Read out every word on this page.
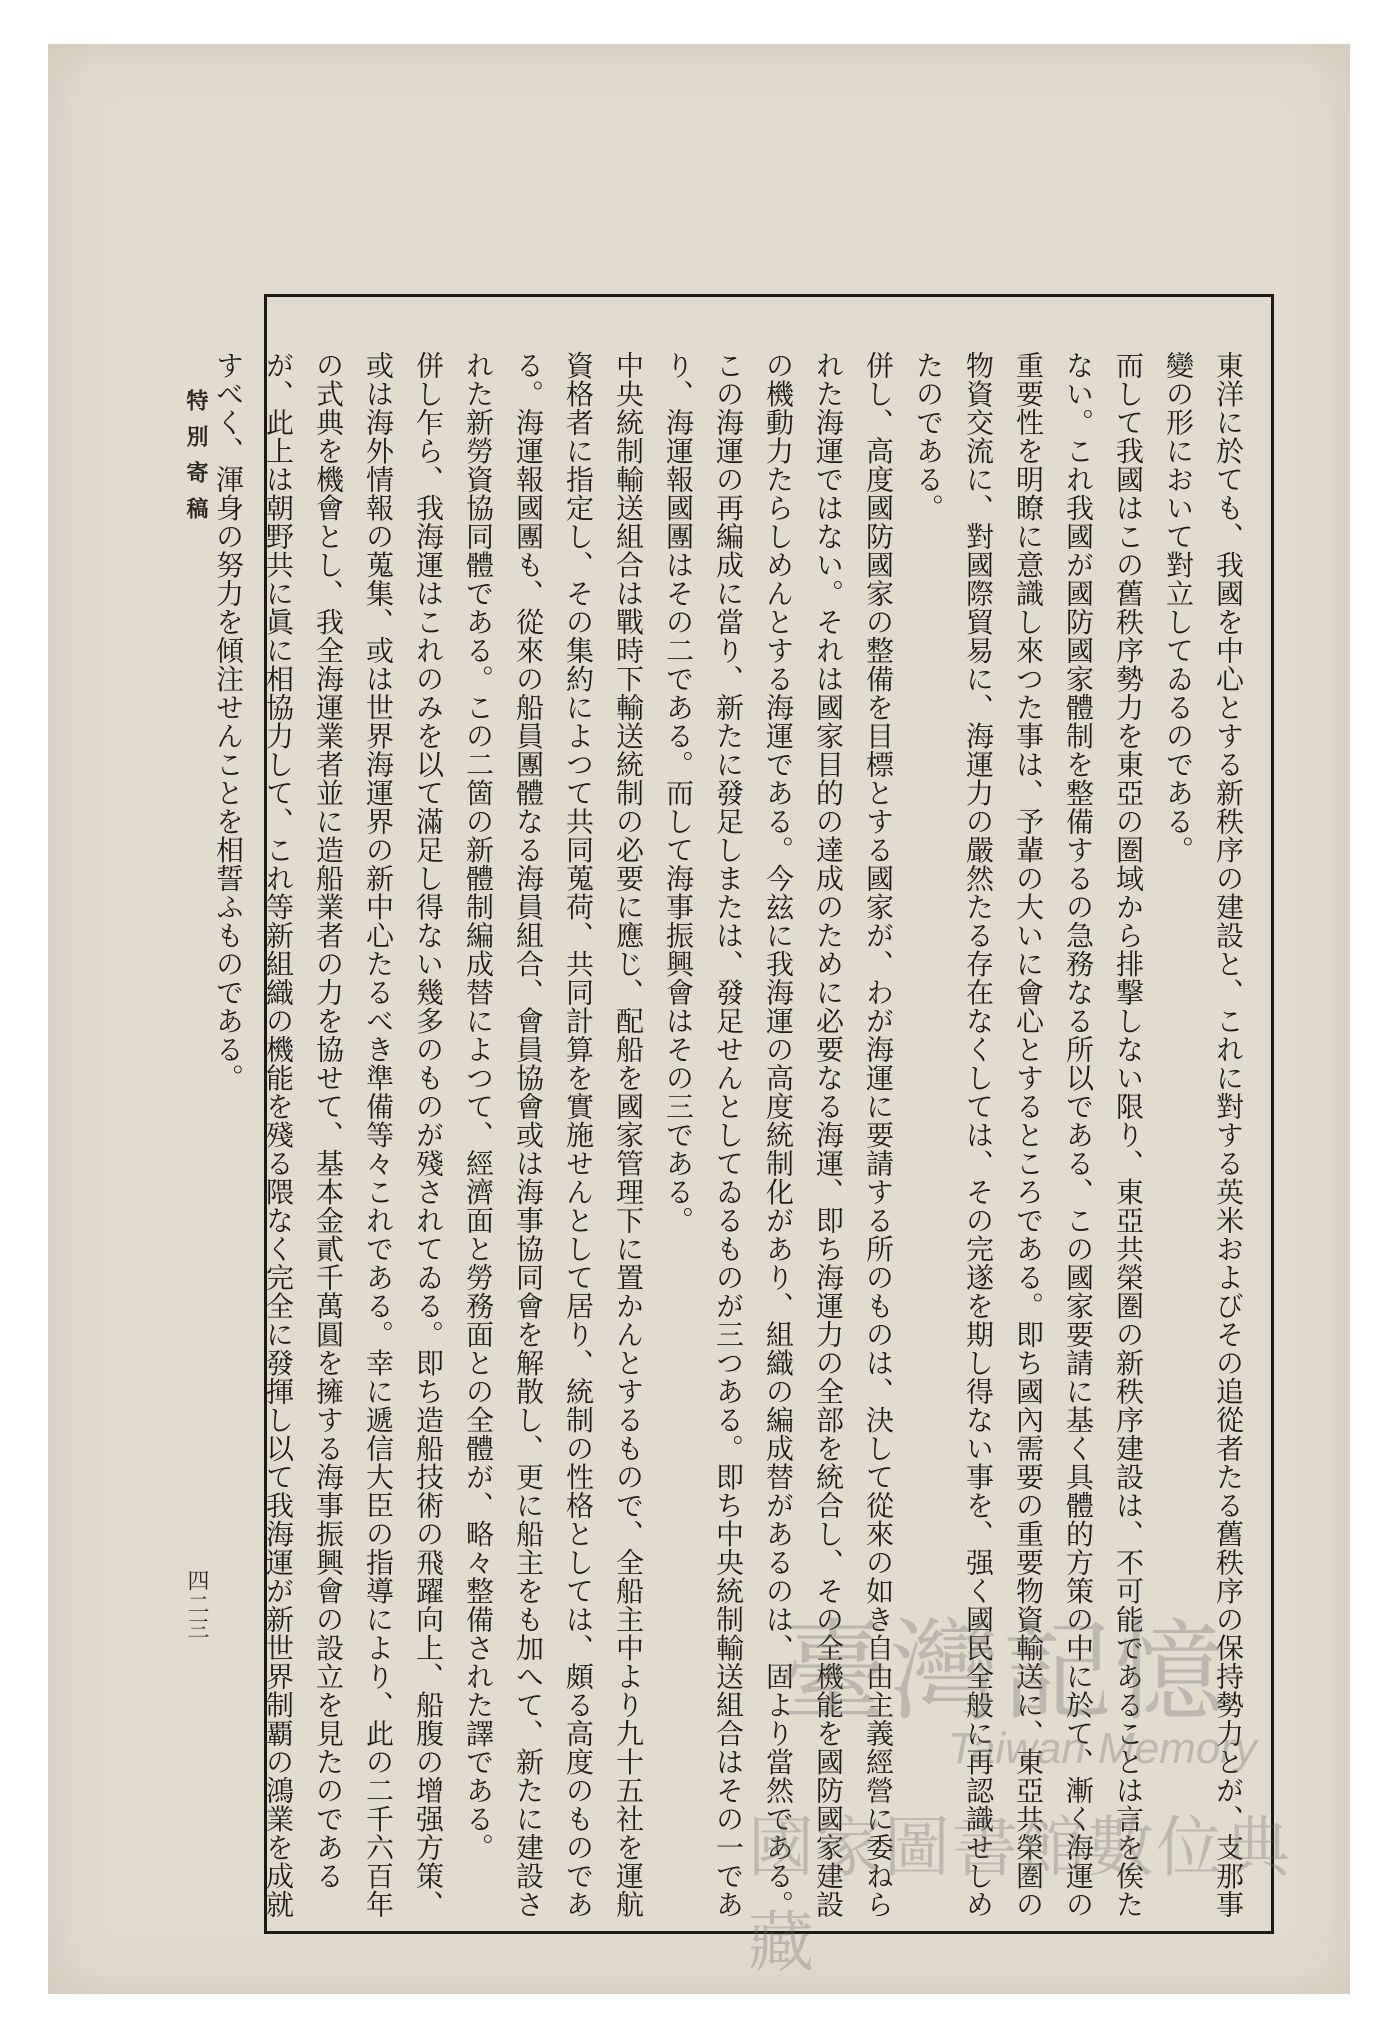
特別寄稿
四二三	東洋に於ても、我國を中心とする新秩序の建設と、これに對する英米およびその追從者たる舊秩序の保持勢力とが、支那事變の形において對立してゐるのである。

而して我國はこの舊秩序勢力を東亞の圏域から排撃しない限り、東亞共榮圏の新秩序建設は、不可能であることは言を俟たない。これ我國が國防國家體制を整備するの急務なる所以である、この國家要請に基く具體的方策の中に於て、漸く海運の重要性を明瞭に意識し來つた事は、予輩の大いに會心とするところである。即ち國內需要の重要物資輸送に、東亞共榮圏の物資交流に、對國際貿易に、海運力の嚴然たる存在なくしては、その完遂を期し得ない事を、强く國民全般に再認識せしめたのである。

併し、高度國防國家の整備を目標とする國家が、わが海運に要請する所のものは、決して從來の如き自由主義經營に委ねられた海運ではない。それは國家目的の達成のために必要なる海運、即ち海運力の全部を統合し、その全機能を國防國家建設の機動力たらしめんとする海運である。今玆に我海運の高度統制化があり、組織の編成替があるのは、固より當然である。この海運の再編成に當り、新たに發足しまたは、發足せんとしてゐるものが三つある。即ち中央統制輸送組合はその一であり、海運報國團はその二である。而して海事振興會はその三である。

中央統制輸送組合は戰時下輸送統制の必要に應じ、配船を國家管理下に置かんとするもので、全船主中より九十五社を運航資格者に指定し、その集約によつて共同蒐荷、共同計算を實施せんとして居り、統制の性格としては、頗る高度のものである。海運報國團も、從來の船員團體なる海員組合、會員協會或は海事協同會を解散し、更に船主をも加へて、新たに建設された新勞資協同體である。この二箇の新體制編成替によつて、經濟面と勞務面との全體が、略々整備された譯である。

併し乍ら、我海運はこれのみを以て滿足し得ない幾多のものが殘されてゐる。即ち造船技術の飛躍向上、船腹の增强方策、或は海外情報の蒐集、或は世界海運界の新中心たるべき準備等々これである。幸に遞信大臣の指導により、此の二千六百年の式典を機會とし、我全海運業者並に造船業者の力を協せて、基本金貳千萬圓を擁する海事振興會の設立を見たのであるが、此上は朝野共に眞に相協力して、これ等新組織の機能を殘る隈なく完全に發揮し以て我海運が新世界制覇の鴻業を成就すべく、渾身の努力を傾注せんことを相誓ふものである。

臺灣記憶
Taiwan Memory
國家圖書館數位典藏
